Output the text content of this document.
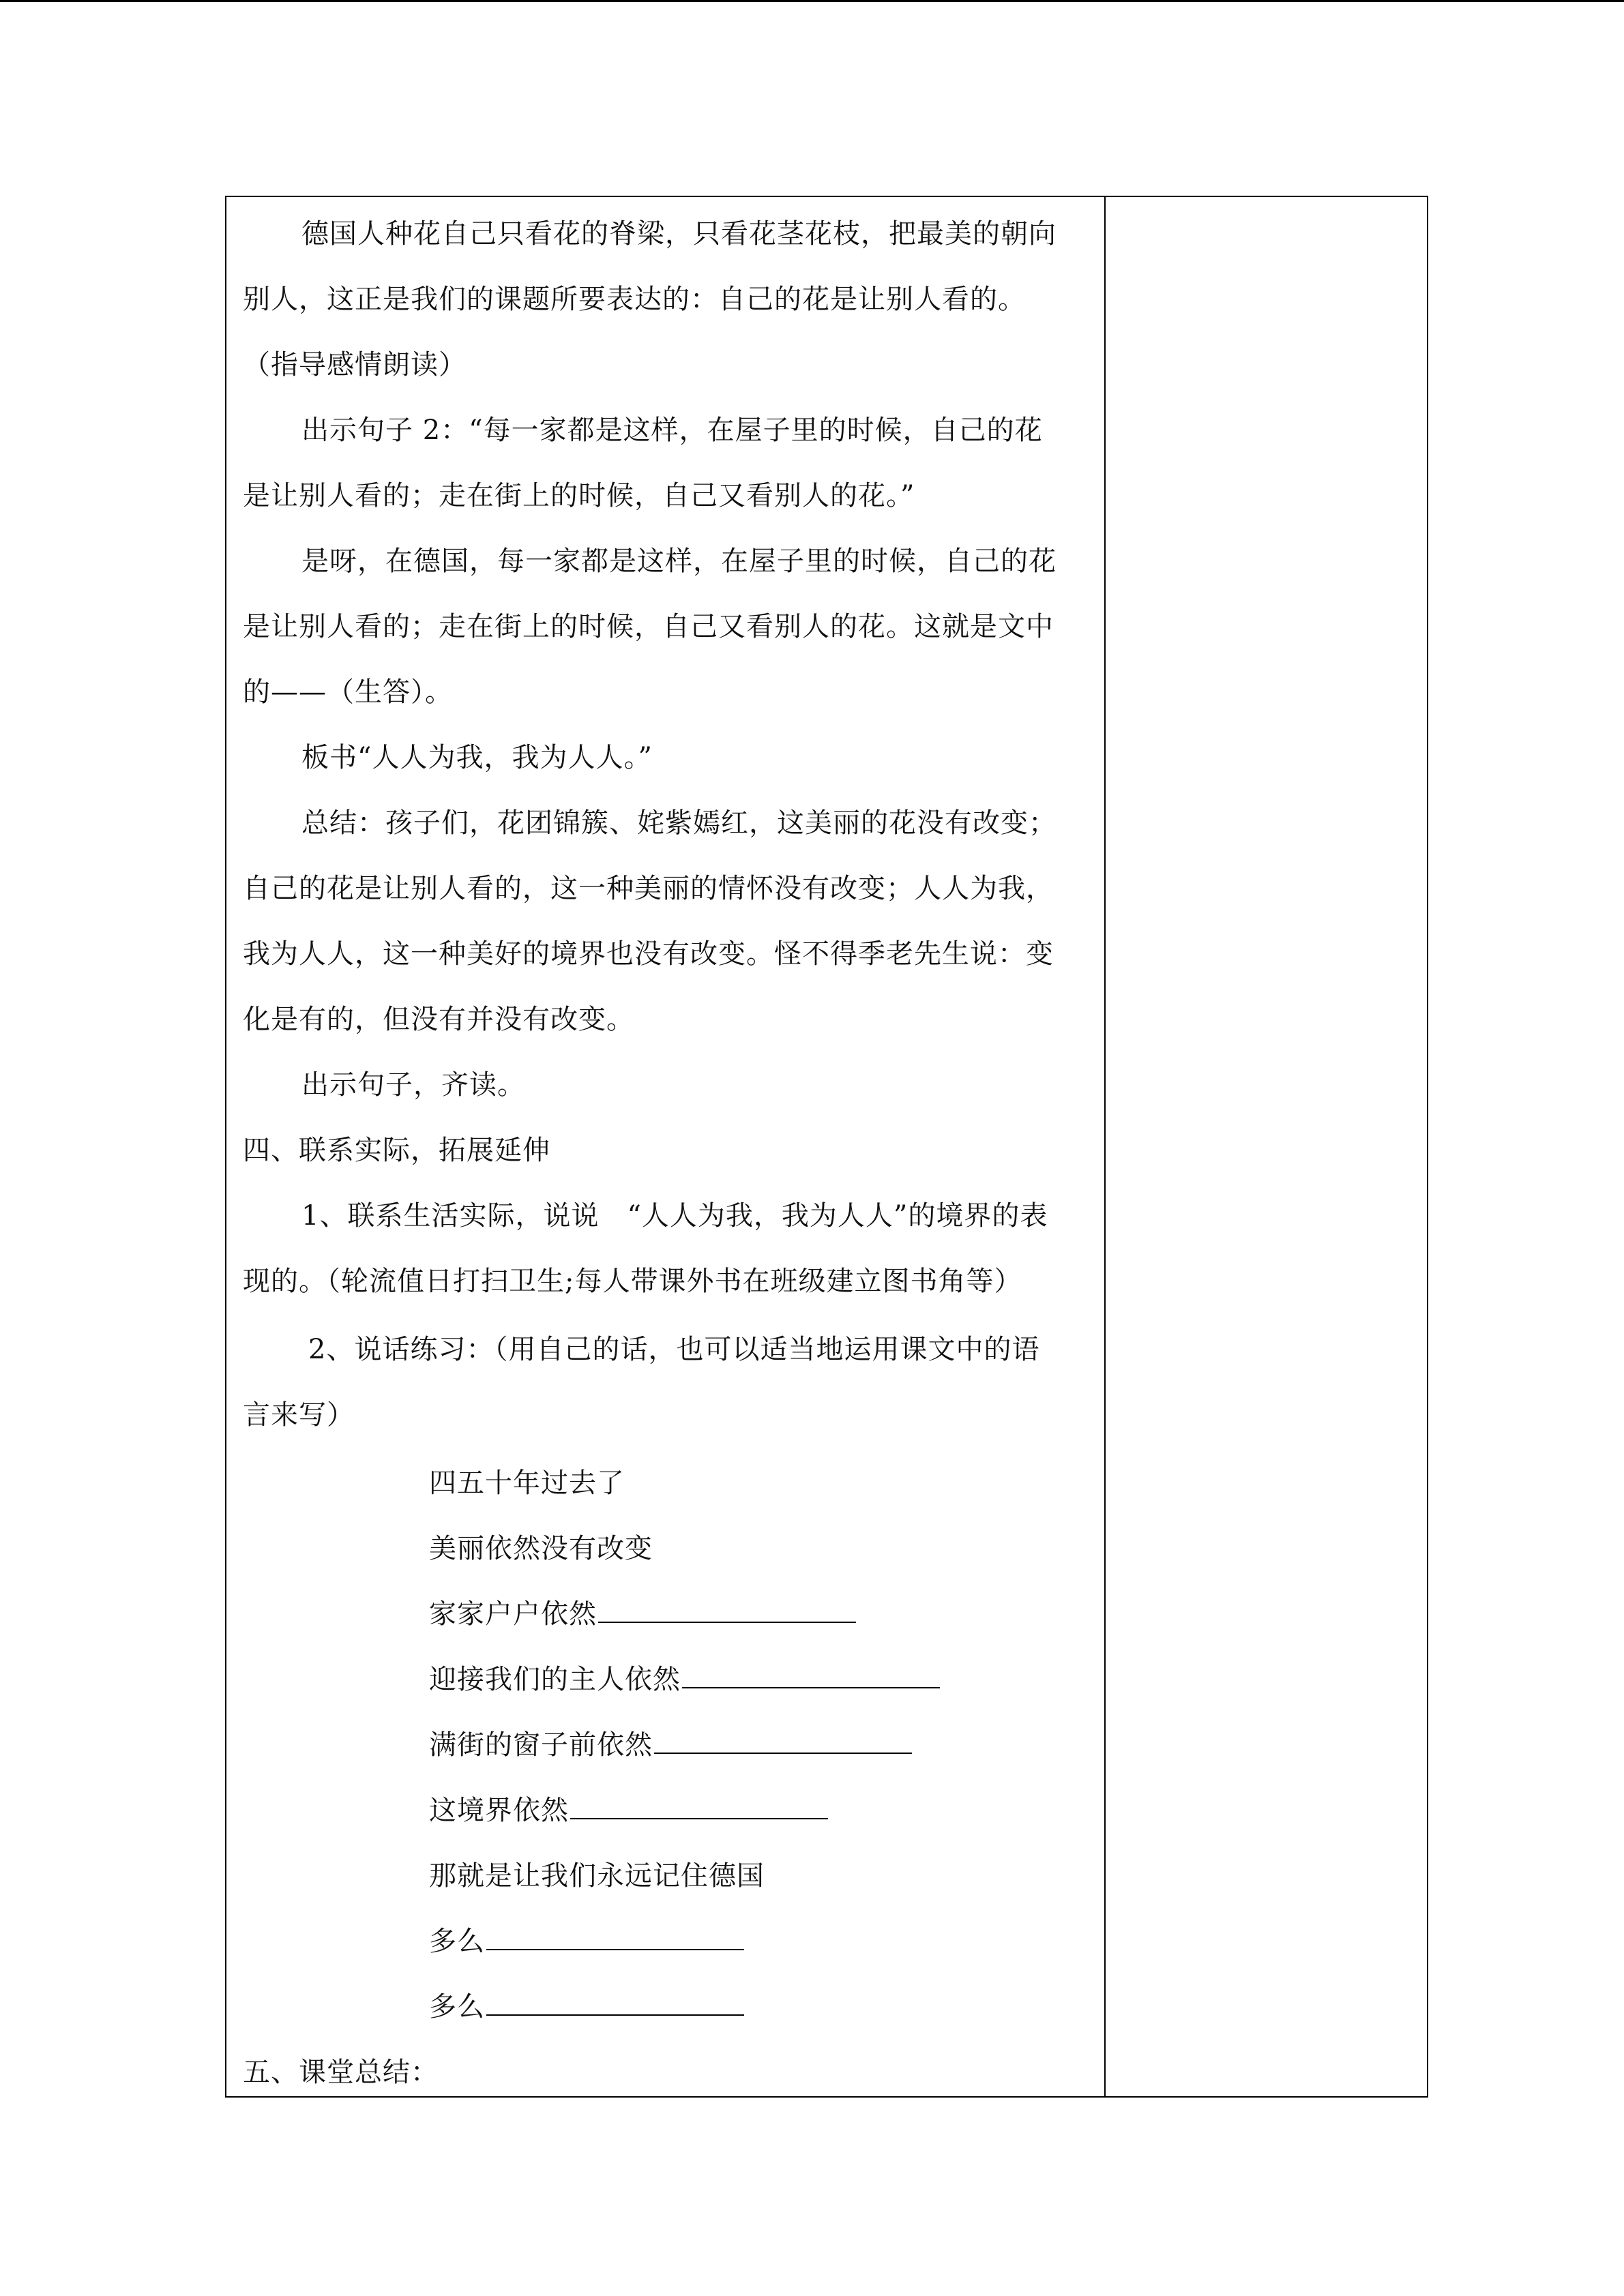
德国人种花自己只看花的脊梁，只看花茎花枝，把最美的朝向
别人，这正是我们的课题所要表达的：自己的花是让别人看的。
（指导感情朗读）
出示句子 2：“每一家都是这样，在屋子里的时候，自己的花
是让别人看的；走在街上的时候，自己又看别人的花。”
是呀，在德国，每一家都是这样，在屋子里的时候，自己的花
是让别人看的；走在街上的时候，自己又看别人的花。这就是文中
的——（生答）。
板书“人人为我，我为人人。”
总结：孩子们，花团锦簇、姹紫嫣红，这美丽的花没有改变；
自己的花是让别人看的，这一种美丽的情怀没有改变；人人为我，
我为人人，这一种美好的境界也没有改变。怪不得季老先生说：变
化是有的，但没有并没有改变。
出示句子，齐读。
四、联系实际，拓展延伸
1、联系生活实际，说说　“人人为我，我为人人”的境界的表
现的。（轮流值日打扫卫生;每人带课外书在班级建立图书角等）
2、说话练习：（用自己的话，也可以适当地运用课文中的语
言来写）
四五十年过去了
美丽依然没有改变
家家户户依然
迎接我们的主人依然
满街的窗子前依然
这境界依然
那就是让我们永远记住德国
多么
多么
五、课堂总结：
